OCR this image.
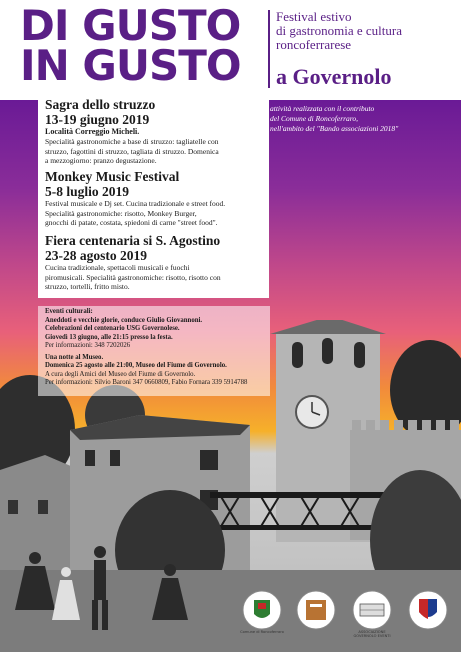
DI GUSTO
IN GUSTO
Festival estivo
di gastronomia e cultura
roncoferrarese
a Governolo
attività realizzata con il contributo
del Comune di Roncoferraro,
nell'ambito del "Bando associazioni 2018"
Sagra dello struzzo
13-19 giugno 2019
Località Correggio Micheli.
Specialità gastronomiche a base di struzzo: tagliatelle con
struzzo, fagottini di struzzo, tagliata di struzzo. Domenica
a mezzogiorno: pranzo degustazione.
Monkey Music Festival
5-8 luglio 2019
Festival musicale e Dj set. Cucina tradizionale e street food.
Specialità gastronomiche: risotto, Monkey Burger,
gnocchi di patate, costata, spiedoni di carne "street food".
Fiera centenaria si S. Agostino
23-28 agosto 2019
Cucina tradizionale, spettacoli musicali e fuochi
piromusicali. Specialità gastronomiche: risotto, risotto con
struzzo, tortelli, fritto misto.
Eventi culturali:
Aneddoti e vecchie glorie, conduce Giulio Giovannoni.
Celebrazioni del centenario USG Governolese.
Giovedì 13 giugno, alle 21:15 presso la festa.
Per informazioni: 348 7202026
Una notte al Museo.
Domenica 25 agosto alle 21:00, Museo del Fiume di Governolo.
A cura degli Amici del Museo del Fiume di Governolo.
Per informazioni: Silvio Baroni 347 0660809, Fabio Fornara 339 5914788
Comune di Roncoferraro	ASSOCIAZIONE GOVERNOLO EVENTI
